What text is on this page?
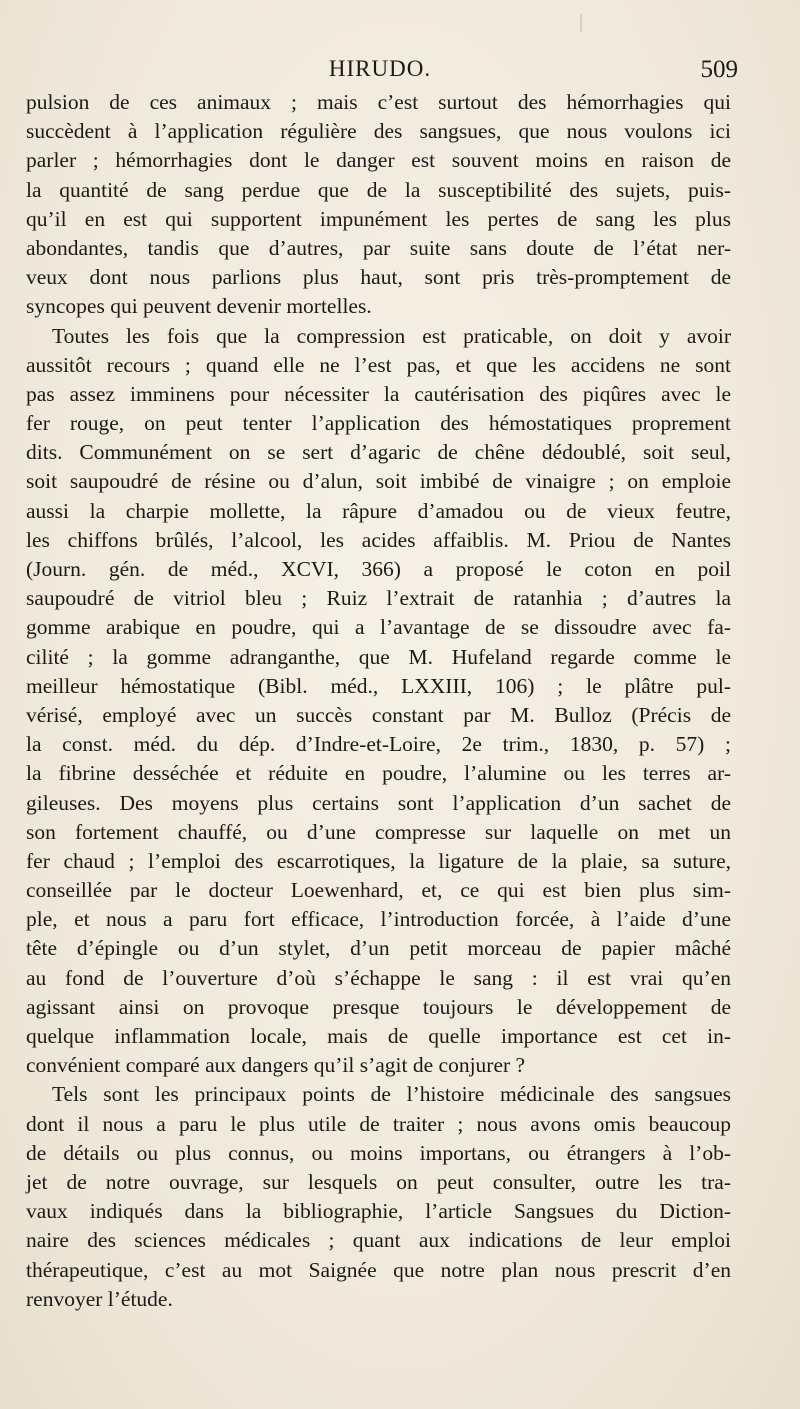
HIRUDO.	509
pulsion de ces animaux ; mais c’est surtout des hémorrhagies qui
succèdent à l’application régulière des sangsues, que nous voulons ici
parler ; hémorrhagies dont le danger est souvent moins en raison de
la quantité de sang perdue que de la susceptibilité des sujets, puis-
qu’il en est qui supportent impunément les pertes de sang les plus
abondantes, tandis que d’autres, par suite sans doute de l’état ner-
veux dont nous parlions plus haut, sont pris très-promptement de
syncopes qui peuvent devenir mortelles.
Toutes les fois que la compression est praticable, on doit y avoir
aussitôt recours ; quand elle ne l’est pas, et que les accidens ne sont
pas assez imminens pour nécessiter la cautérisation des piqûres avec le
fer rouge, on peut tenter l’application des hémostatiques proprement
dits. Communément on se sert d’agaric de chêne dédoublé, soit seul,
soit saupoudré de résine ou d’alun, soit imbibé de vinaigre ; on emploie
aussi la charpie mollette, la râpure d’amadou ou de vieux feutre,
les chiffons brûlés, l’alcool, les acides affaiblis. M. Priou de Nantes
(Journ. gén. de méd., XCVI, 366) a proposé le coton en poil
saupoudré de vitriol bleu ; Ruiz l’extrait de ratanhia ; d’autres la
gomme arabique en poudre, qui a l’avantage de se dissoudre avec fa-
cilité ; la gomme adranganthe, que M. Hufeland regarde comme le
meilleur hémostatique (Bibl. méd., LXXIII, 106) ; le plâtre pul-
vérisé, employé avec un succès constant par M. Bulloz (Précis de
la const. méd. du dép. d’Indre-et-Loire, 2e trim., 1830, p. 57) ;
la fibrine desséchée et réduite en poudre, l’alumine ou les terres ar-
gileuses. Des moyens plus certains sont l’application d’un sachet de
son fortement chauffé, ou d’une compresse sur laquelle on met un
fer chaud ; l’emploi des escarrotiques, la ligature de la plaie, sa suture,
conseillée par le docteur Loewenhard, et, ce qui est bien plus sim-
ple, et nous a paru fort efficace, l’introduction forcée, à l’aide d’une
tête d’épingle ou d’un stylet, d’un petit morceau de papier mâché
au fond de l’ouverture d’où s’échappe le sang : il est vrai qu’en
agissant ainsi on provoque presque toujours le développement de
quelque inflammation locale, mais de quelle importance est cet in-
convénient comparé aux dangers qu’il s’agit de conjurer ?
Tels sont les principaux points de l’histoire médicinale des sangsues
dont il nous a paru le plus utile de traiter ; nous avons omis beaucoup
de détails ou plus connus, ou moins importans, ou étrangers à l’ob-
jet de notre ouvrage, sur lesquels on peut consulter, outre les tra-
vaux indiqués dans la bibliographie, l’article Sangsues du Diction-
naire des sciences médicales ; quant aux indications de leur emploi
thérapeutique, c’est au mot Saignée que notre plan nous prescrit d’en
renvoyer l’étude.
